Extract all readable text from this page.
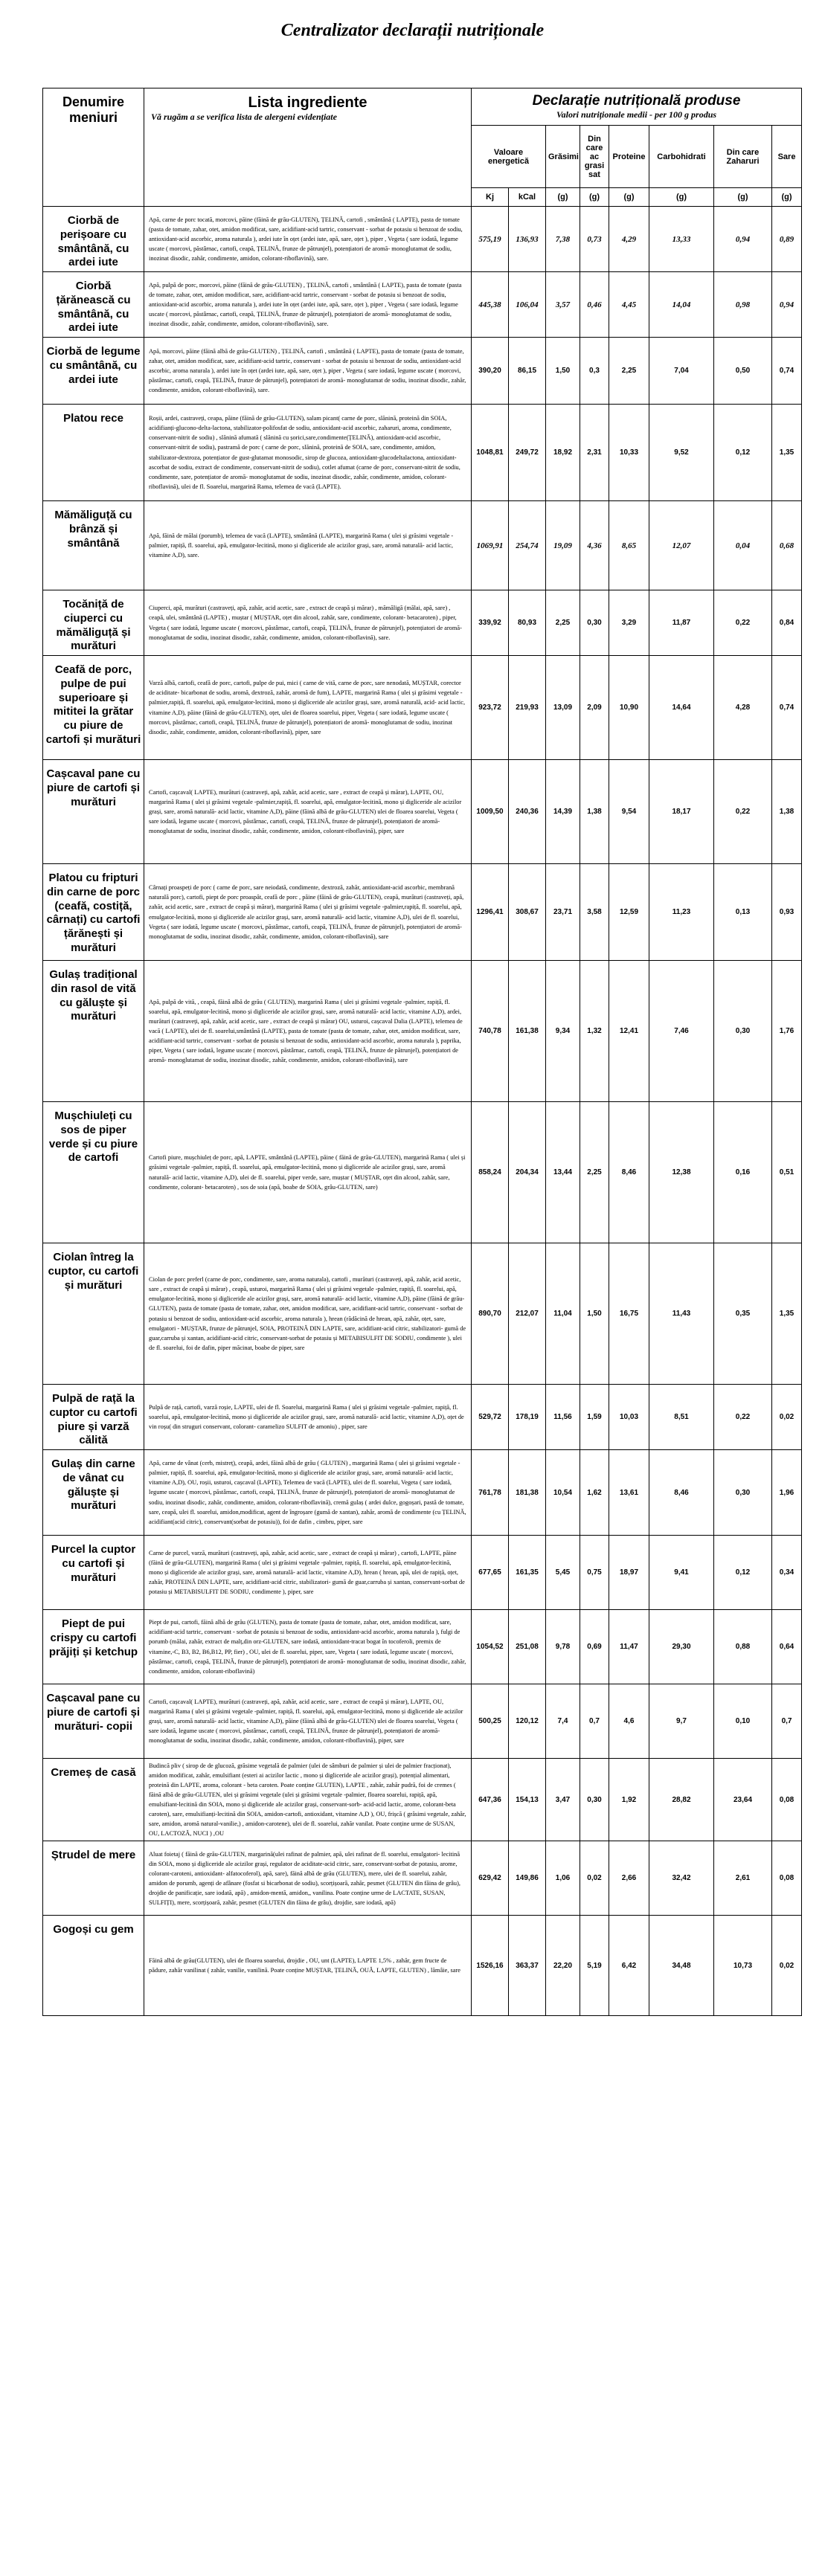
Centralizator declarații nutriționale
Denumire meniuri	Lista ingrediente
Vă rugăm a se verifica lista de alergeni evidențiate	Declarație nutrițională produse
Valori nutriționale medii - per 100 g produs							

		Valoare energetică		Grăsimi	Din care ac grasi sat	Proteine	Carbohidrati	Din care Zaharuri	Sare
		Kj	kCal	(g)	(g)	(g)	(g)	(g)	(g)
Ciorbă de perișoare cu smântână, cu ardei iute	Apă, carne de porc tocată, morcovi, păine (făină de grău-GLUTEN), ȚELINĂ, cartofi , smântână ( LAPTE), pasta de tomate (pasta de tomate, zahar, otet, amidon modificat, sare, acidifiant-acid tartric, conservant - sorbat de potasiu si benzoat de sodiu, antioxidant-acid ascorbic, aroma naturala ), ardei iute în oțet (ardei iute, apă, sare, oțet ), piper , Vegeta ( sare iodată, legume uscate ( morcovi, păstârnac, cartofi, ceapă, ȚELINĂ, frunze de pătrunjel), potențiatori de aromă- monoglutamat de sodiu, inozinat disodic, zahăr, condimente, amidon, colorant-riboflavină), sare.	575,19	136,93	7,38	0,73	4,29	13,33	0,94	0,89
Ciorbă țărănească cu smântână, cu ardei iute	Apă, pulpă de porc, morcovi, păine (făină de grău-GLUTEN) , ȚELINĂ, cartofi , smântână ( LAPTE), pasta de tomate (pasta de tomate, zahar, otet, amidon modificat, sare, acidifiant-acid tartric, conservant - sorbat de potasiu si benzoat de sodiu, antioxidant-acid ascorbic, aroma naturala ), ardei iute în oțet (ardei iute, apă, sare, oțet ), piper , Vegeta ( sare iodată, legume uscate ( morcovi, păstârnac, cartofi, ceapă, ȚELINĂ, frunze de pătrunjel), potențiatori de aromă- monoglutamat de sodiu, inozinat disodic, zahăr, condimente, amidon, colorant-riboflavină), sare.	445,38	106,04	3,57	0,46	4,45	14,04	0,98	0,94
Ciorbă de legume cu smântână, cu ardei iute	Apă, morcovi, păine (făină albă de grău-GLUTEN) , ȚELINĂ, cartofi , smântână ( LAPTE), pasta de tomate (pasta de tomate, zahar, otet, amidon modificat, sare, acidifiant-acid tartric, conservant - sorbat de potasiu si benzoat de sodiu, antioxidant-acid ascorbic, aroma naturala ), ardei iute în oțet (ardei iute, apă, sare, oțet ), piper , Vegeta ( sare iodată, legume uscate ( morcovi, păstârnac, cartofi, ceapă, ȚELINĂ, frunze de pătrunjel), potențiatori de aromă- monoglutamat de sodiu, inozinat disodic, zahăr, condimente, amidon, colorant-riboflavină), sare.	390,20	86,15	1,50	0,3	2,25	7,04	0,50	0,74
Platou rece	Roșii, ardei, castraveți, ceapa, păine (făină de grău-GLUTEN), salam picant( carne de porc, slănină, proteină din SOIA, acidifianți-glucono-delta-lactona, stabilizator-polifosfat de sodiu, antioxidant-acid ascorbic, zaharuri, aroma, condimente, conservant-nitrit de sodiu) , slănină afumată ( slănină cu șorici,sare,condimente(ȚELINĂ), antioxidant-acid ascorbic, conservant-nitrit de sodiu), pastramă de porc ( carne de porc, slănină, proteină de SOIA, sare, condimente, amidon, stabilizator-dextroza, potențiator de gust-glutamat monosodic, sirop de glucoza, antioxidant-glucodeltalactona, antioxidant- ascorbat de sodiu, extract de condimente, conservant-nitrit de sodiu), cotlet afumat (carne de porc, conservant-nitrit de sodiu, condimente, sare, potențiator de aromă- monoglutamat de sodiu, inozinat disodic, zahăr, condimente, amidon, colorant-riboflavină), ulei de fl. Soarelui, margarină Rama, telemea de vacă (LAPTE).	1048,81	249,72	18,92	2,31	10,33	9,52	0,12	1,35
Mămăliguță cu brânză și smântână	Apă, făină de mălai (porumb), telemea de vacă (LAPTE), smântână (LAPTE), margarină Rama ( ulei și grăsimi vegetale -palmier, rapiță, fl. soarelui, apă, emulgator-lecitină, mono și digliceride ale acizilor grași, sare, aromă naturală- acid lactic, vitamine A,D), sare.	1069,91	254,74	19,09	4,36	8,65	12,07	0,04	0,68
Tocăniță de ciuperci cu mămăliguță și murături	Ciuperci, apă, murături (castraveți, apă, zahăr, acid acetic, sare , extract de ceapă și mărar) , mămăligă (mălai, apă, sare) , ceapă, ulei, smântână (LAPTE) , muștar ( MUȘTAR, oțet din alcool, zahăr, sare, condimente, colorant- betacaroten) , piper, Vegeta ( sare iodată, legume uscate ( morcovi, păstârnac, cartofi, ceapă, ȚELINĂ, frunze de pătrunjel), potențiatori de aromă- monoglutamat de sodiu, inozinat disodic, zahăr, condimente, amidon, colorant-riboflavină), sare.	339,92	80,93	2,25	0,30	3,29	11,87	0,22	0,84
Ceafă de porc, pulpe de pui superioare și mititei la grătar cu piure de cartofi și murături	Varză albă, cartofi, ceafă de porc, cartofi, pulpe de pui, mici ( carne de vită, carne de porc, sare nenodată, MUȘTAR, corector de aciditate- bicarbonat de sodiu, aromă, dextroză, zahăr, aromă de fum), LAPTE, margarină Rama ( ulei și grăsimi vegetale -palmier,rapiță, fl. soarelui, apă, emulgator-lecitină, mono și digliceride ale acizilor grași, sare, aromă naturală, acid- acid lactic, vitamine A,D), păine (făină de grău-GLUTEN), oțet, ulei de floarea soarelui, piper, Vegeta ( sare iodată, legume uscate ( morcovi, păstârnac, cartofi, ceapă, ȚELINĂ, frunze de pătrunjel), potențiatori de aromă- monoglutamat de sodiu, inozinat disodic, zahăr, condimente, amidon, colorant-riboflavină), piper, sare	923,72	219,93	13,09	2,09	10,90	14,64	4,28	0,74
Cașcaval pane cu piure de cartofi și murături	Cartofi, cașcaval( LAPTE), murături (castraveți, apă, zahăr, acid acetic, sare , extract de ceapă și mărar), LAPTE, OU, margarină Rama ( ulei și grăsimi vegetale -palmier,rapiță, fl. soarelui, apă, emulgator-lecitină, mono și digliceride ale acizilor grași, sare, aromă naturală- acid lactic, vitamine A,D), păine (făină albă de grău-GLUTEN) ulei de floarea soarelui, Vegeta ( sare iodată, legume uscate ( morcovi, păstârnac, cartofi, ceapă, ȚELINĂ, frunze de pătrunjel), potențiatori de aromă- monoglutamat de sodiu, inozinat disodic, zahăr, condimente, amidon, colorant-riboflavină), piper, sare	1009,50	240,36	14,39	1,38	9,54	18,17	0,22	1,38
Platou cu fripturi din carne de porc (ceafă, costiță, cârnați) cu cartofi țărănești și murături	Cârnați proaspeți de porc ( carne de porc, sare neiodată, condimente, dextroză, zahăr, antioxidant-acid ascorbic, membrană naturală porc), cartofi, piept de porc proaspăt, ceafă de porc , păine (făină de grău-GLUTEN), ceapă, murături (castraveți, apă, zahăr, acid acetic, sare , extract de ceapă și mărar), margarină Rama ( ulei și grăsimi vegetale -palmier,rapiță, fl. soarelui, apă, emulgator-lecitină, mono și digliceride ale acizilor grași, sare, aromă naturală- acid lactic, vitamine A,D), ulei de fl. soarelui, Vegeta ( sare iodată, legume uscate ( morcovi, păstârnac, cartofi, ceapă, ȚELINĂ, frunze de pătrunjel), potențiatori de aromă- monoglutamat de sodiu, inozinat disodic, zahăr, condimente, amidon, colorant-riboflavină), sare	1296,41	308,67	23,71	3,58	12,59	11,23	0,13	0,93
Gulaș tradițional din rasol de vită cu găluște și murături	Apă, pulpă de vită, , ceapă, făină albă de grău ( GLUTEN), margarină Rama ( ulei și grăsimi vegetale -palmier, rapiță, fl. soarelui, apă, emulgator-lecitină, mono și digliceride ale acizilor grași, sare, aromă naturală- acid lactic, vitamine A,D), ardei, murături (castraveți, apă, zahăr, acid acetic, sare , extract de ceapă și mărar) OU, usturoi, cașcaval Dalia (LAPTE), telemea de vacă ( LAPTE), ulei de fl. soarelui,smântână (LAPTE), pasta de tomate (pasta de tomate, zahar, otet, amidon modificat, sare, acidifiant-acid tartric, conservant - sorbat de potasiu si benzoat de sodiu, antioxidant-acid ascorbic, aroma naturala ), paprika, piper, Vegeta ( sare iodată, legume uscate ( morcovi, păstârnac, cartofi, ceapă, ȚELINĂ, frunze de pătrunjel), potențiatori de aromă- monoglutamat de sodiu, inozinat disodic, zahăr, condimente, amidon, colorant-riboflavină), sare	740,78	161,38	9,34	1,32	12,41	7,46	0,30	1,76
Mușchiuleți cu sos de piper verde și cu piure de cartofi	Cartofi piure, mușchiuleț de porc, apă, LAPTE, smântână (LAPTE), păine ( făină de grău-GLUTEN), margarină Rama ( ulei și grăsimi vegetale -palmier, rapiță, fl. soarelui, apă, emulgator-lecitină, mono și digliceride ale acizilor grași, sare, aromă naturală- acid lactic, vitamine A,D), ulei de fl. soarelui, piper verde, sare, muștar ( MUȘTAR, oțet din alcool, zahăr, sare, condimente, colorant- betacaroten) , sos de soia (apă, boabe de SOIA, grâu-GLUTEN, sare)	858,24	204,34	13,44	2,25	8,46	12,38	0,16	0,51
Ciolan întreg la cuptor, cu cartofi și murături	Ciolan de porc preferl (carne de porc, condimente, sare, aroma naturala), cartofi , murături (castraveți, apă, zahăr, acid acetic, sare , extract de ceapă și mărar) , ceapă, usturoi, margarină Rama ( ulei și grăsimi vegetale -palmier, rapiță, fl. soarelui, apă, emulgator-lecitină, mono și digliceride ale acizilor grași, sare, aromă naturală- acid lactic, vitamine A,D), păine (făină de grău-GLUTEN), pasta de tomate (pasta de tomate, zahar, otet, amidon modificat, sare, acidifiant-acid tartric, conservant - sorbat de potasiu si benzoat de sodiu, antioxidant-acid ascorbic, aroma naturala ), hrean (rădăcină de hrean, apă, zahăr, oțet, sare, emulgatori - MUȘTAR, frunze de pătrunjel, SOIA, PROTEINĂ DIN LAPTE, sare, acidifiant-acid citric, stabilizatori- gumă de guar,carruba și xantan, acidifiant-acid citric, conservant-sorbat de potasiu și METABISULFIT DE SODIU, condimente ), ulei de fl. soarelui, foi de dafin, piper măcinat, boabe de piper, sare	890,70	212,07	11,04	1,50	16,75	11,43	0,35	1,35
Pulpă de rață la cuptor cu cartofi piure și varză călită	Pulpă de rață, cartofi, varză roșie, LAPTE, ulei de fl. Soarelui, margarină Rama ( ulei și grăsimi vegetale -palmier, rapiță, fl. soarelui, apă, emulgator-lecitină, mono și digliceride ale acizilor grași, sare, aromă naturală- acid lactic, vitamine A,D), oțet de vin roșu( din struguri conservant, colorant- caramelizo SULFIT de amoniu) , piper, sare	529,72	178,19	11,56	1,59	10,03	8,51	0,22	0,02
Gulaș din carne de vânat cu găluște și murături	Apă, carne de vânat (cerb, mistreț), ceapă, ardei, făină albă de grău ( GLUTEN) , margarină Rama ( ulei și grăsimi vegetale -palmier, rapiță, fl. soarelui, apă, emulgator-lecitină, mono și digliceride ale acizilor grași, sare, aromă naturală- acid lactic, vitamine A,D), OU, roșii, usturoi, cașcaval (LAPTE), Telemea de vacă (LAPTE), ulei de fl. soarelui, Vegeta ( sare iodată, legume uscate ( morcovi, păstârnac, cartofi, ceapă, ȚELINĂ, frunze de pătrunjel), potențiatori de aromă- monoglutamat de sodiu, inozinat disodic, zahăr, condimente, amidon, colorant-riboflavină), cremă gulaș ( ardei dulce, gogoșari, pastă de tomate, sare, ceapă, ulei fl. soarelui, amidon,modificat, agent de îngroșare (gumă de xantan), zahăr, aromă de condimente (cu ȚELINĂ, acidifiant(acid citric), conservant(sorbat de potasiu)), foi de dafin , cimbru, piper, sare	761,78	181,38	10,54	1,62	13,61	8,46	0,30	1,96
Purcel la cuptor cu cartofi și murături	Carne de purcel, varză, murături (castraveți, apă, zahăr, acid acetic, sare , extract de ceapă și mărar) , cartofi, LAPTE, păine (făină de grău-GLUTEN), margarină Rama ( ulei și grăsimi vegetale -palmier, rapiță, fl. soarelui, apă, emulgator-lecitină, mono și digliceride ale acizilor grași, sare, aromă naturală- acid lactic, vitamine A,D), hrean ( hrean, apă, ulei de rapiță, oțet, zahăr, PROTEINĂ DIN LAPTE, sare, acidifiant-acid citric, stabilizatori- gumă de guar,carruba și xantan, conservant-sorbat de potasiu și METABISULFIT DE SODIU, condimente ), piper, sare	677,65	161,35	5,45	0,75	18,97	9,41	0,12	0,34
Piept de pui crispy cu cartofi prăjiți și ketchup	Piept de pui, cartofi, făină albă de grău (GLUTEN), pasta de tomate (pasta de tomate, zahar, otet, amidon modificat, sare, acidifiant-acid tartric, conservant - sorbat de potasiu si benzoat de sodiu, antioxidant-acid ascorbic, aroma naturala ), fulgi de porumb (mălai, zahăr, extract de malț,din orz-GLUTEN, sare iodată, antioxidant-tracat bogat în tocoferoli, premix de vitamine,-C, B3, B2, B6,B12, PP, fier) , OU, ulei de fl. soarelui, piper, sare, Vegeta ( sare iodată, legume uscate ( morcovi, păstârnac, cartofi, ceapă, ȚELINĂ, frunze de pătrunjel), potențiatori de aromă- monoglutamat de sodiu, inozinat disodic, zahăr, condimente, amidon, colorant-riboflavină)	1054,52	251,08	9,78	0,69	11,47	29,30	0,88	0,64
Cașcaval pane cu piure de cartofi și murături- copii	Cartofi, cașcaval( LAPTE), murături (castraveți, apă, zahăr, acid acetic, sare , extract de ceapă și mărar), LAPTE, OU, margarină Rama ( ulei și grăsimi vegetale -palmier, rapiță, fl. soarelui, apă, emulgator-lecitină, mono și digliceride ale acizilor grași, sare, aromă naturală- acid lactic, vitamine A,D), păine (făină albă de grău-GLUTEN) ulei de floarea soarelui, Vegeta ( sare iodată, legume uscate ( morcovi, păstârnac, cartofi, ceapă, ȚELINĂ, frunze de pătrunjel), potențiatori de aromă- monoglutamat de sodiu, inozinat disodic, zahăr, condimente, amidon, colorant-riboflavină), piper, sare	500,25	120,12	7,4	0,7	4,6	9,7	0,10	0,7
Cremeș de casă	Budincă pliv ( sirop de de glucoză, grăsime vegetală de palmier (ulei de sâmburi de palmier și ulei de palmier fracționat), amidon modificat, zahăr, emulsifiant (esteri ai acizilor lactic , mono și digliceride ale acizilor grași), potențial alimentari, proteină din LAPTE, aroma, colorant - beta caroten. Poate conține GLUTEN), LAPTE , zahăr, zahăr pudră, foi de cremes ( făină albă de grău-GLUTEN, ulei și grăsimi vegetale (ulei și grăsimi vegetale -palmier, floarea soarelui, rapiță, apă, emulsifiant-lecitină din SOIA, mono și digliceride ale acizilor grași, conservant-sorb- acid-acid lactic, arome, colorant-beta caroten), sare, emulsifianți-lecitină din SOIA, amidon-cartofi, antioxidant, vitamine A,D ), OU, frișcă ( grăsimi vegetale, zahăr, sare, amidon, aromă natural-vanilie,) , amidon-carotene), ulei de fl. soarelui, zahăr vanilat. Poate conține urme de SUSAN, OU, LACTOZĂ, NUCI ) ,OU	647,36	154,13	3,47	0,30	1,92	28,82	23,64	0,08
Ștrudel de mere	Aluat foietaj ( făină de grău-GLUTEN, margarină(ulei rafinat de palmier, apă, ulei rafinat de fl. soarelui, emulgatori- lecitină din SOIA, mono și digliceride ale acizilor grași, regulator de aciditate-acid citric, sare, conservant-sorbat de potasiu, arome, colorant-caroteni, antioxidant- alfatocoferol), apă, sare), făină albă de grău (GLUTEN), mere, ulei de fl. soarelui, zahăr, amidon de porumb, agenți de afânare (fosfat si bicarbonat de sodiu), scorțișoară, zahăr, pesmet (GLUTEN din făina de grâu), drojdie de panificație, sare iodată, apă) , amidon-mentă, amidon,, vanilina. Poate conține urme de LACTATE, SUSAN, SULFIȚI), mere, scorțișoară, zahăr, pesmet (GLUTEN din făina de grâu), drojdie, sare iodată, apă)	629,42	149,86	1,06	0,02	2,66	32,42	2,61	0,08
Gogoși cu gem	Făină albă de grău(GLUTEN), ulei de floarea soarelui, drojdie , OU, unt (LAPTE), LAPTE 1,5% , zahăr, gem fructe de pădure, zahăr vanilinat ( zahăr, vanilie, vanilină. Poate conține MUȘTAR, ȚELINĂ, OUĂ, LAPTE, GLUTEN) , lămâie, sare	1526,16	363,37	22,20	5,19	6,42	34,48	10,73	0,02
